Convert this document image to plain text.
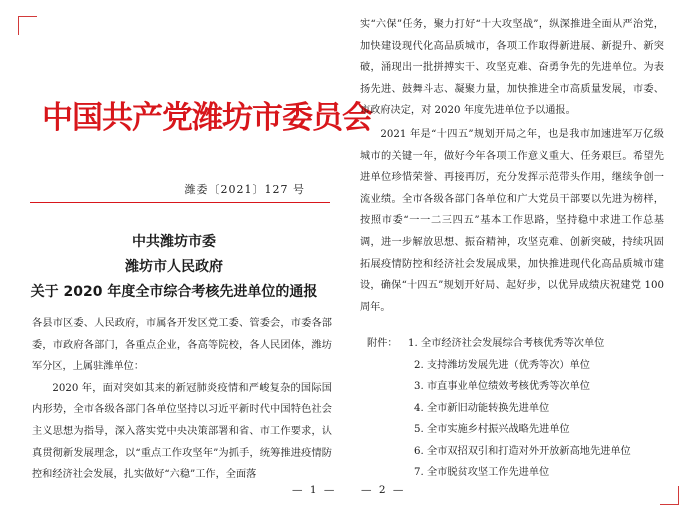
中国共产党潍坊市委员会
潍委〔2021〕127 号
中共潍坊市委
潍坊市人民政府
关于 2020 年度全市综合考核先进单位的通报

各县市区委、人民政府，市属各开发区党工委、管委会，市委各部委，市政府各部门，各重点企业，各高等院校，各人民团体，潍坊军分区，上属驻潍单位：

2020 年，面对突如其来的新冠肺炎疫情和严峻复杂的国际国内形势，全市各级各部门各单位坚持以习近平新时代中国特色社会主义思想为指导，深入落实党中央决策部署和省、市工作要求，认真贯彻新发展理念，以“重点工作攻坚年”为抓手，统筹推进疫情防控和经济社会发展，扎实做好“六稳”工作，全面落

— 1 —

实“六保”任务，聚力打好“十大攻坚战”，纵深推进全面从严治党，加快建设现代化高品质城市，各项工作取得新进展、新提升、新突破，涌现出一批拼搏实干、攻坚克难、奋勇争先的先进单位。为表扬先进、鼓舞斗志、凝聚力量，加快推进全市高质量发展，市委、市政府决定，对 2020 年度先进单位予以通报。

2021 年是“十四五”规划开局之年，也是我市加速进军万亿级城市的关键一年，做好今年各项工作意义重大、任务艰巨。希望先进单位珍惜荣誉、再接再厉，充分发挥示范带头作用，继续争创一流业绩。全市各级各部门各单位和广大党员干部要以先进为榜样，按照市委“一一二三四五”基本工作思路，坚持稳中求进工作总基调，进一步解放思想、振奋精神，攻坚克难、创新突破，持续巩固拓展疫情防控和经济社会发展成果，加快推进现代化高品质城市建设，确保“十四五”规划开好局、起好步，以优异成绩庆祝建党 100 周年。

附件：	1. 全市经济社会发展综合考核优秀等次单位
2. 支持潍坊发展先进（优秀等次）单位
3. 市直事业单位绩效考核优秀等次单位
4. 全市新旧动能转换先进单位
5. 全市实施乡村振兴战略先进单位
6. 全市双招双引和打造对外开放新高地先进单位
7. 全市脱贫攻坚工作先进单位
— 2 —
